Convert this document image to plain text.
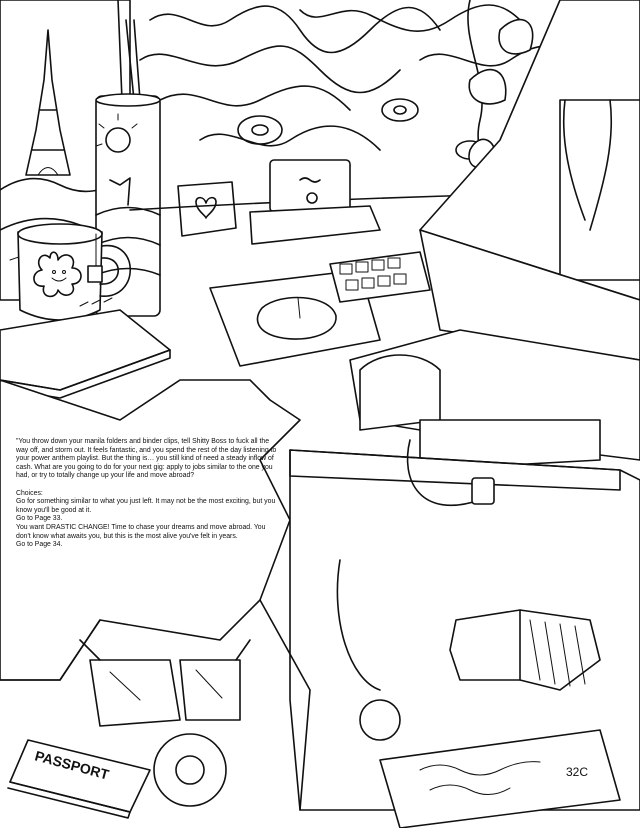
PASSPORT	32C

"You throw down your manila folders and binder clips, tell Shitty Boss to fuck all the way off, and storm out. It feels fantastic, and you spend the rest of the day listening to your power anthem playlist. But the thing is… you still kind of need a steady inflow of cash. What are you going to do for your next gig: apply to jobs similar to the one you had, or try to totally change up your life and move abroad?

Choices:

Go for something similar to what you just left. It may not be the most exciting, but you know you'll be good at it.

Go to Page 33.

You want DRASTIC CHANGE! Time to chase your dreams and move abroad. You don't know what awaits you, but this is the most alive you've felt in years.

Go to Page 34.
